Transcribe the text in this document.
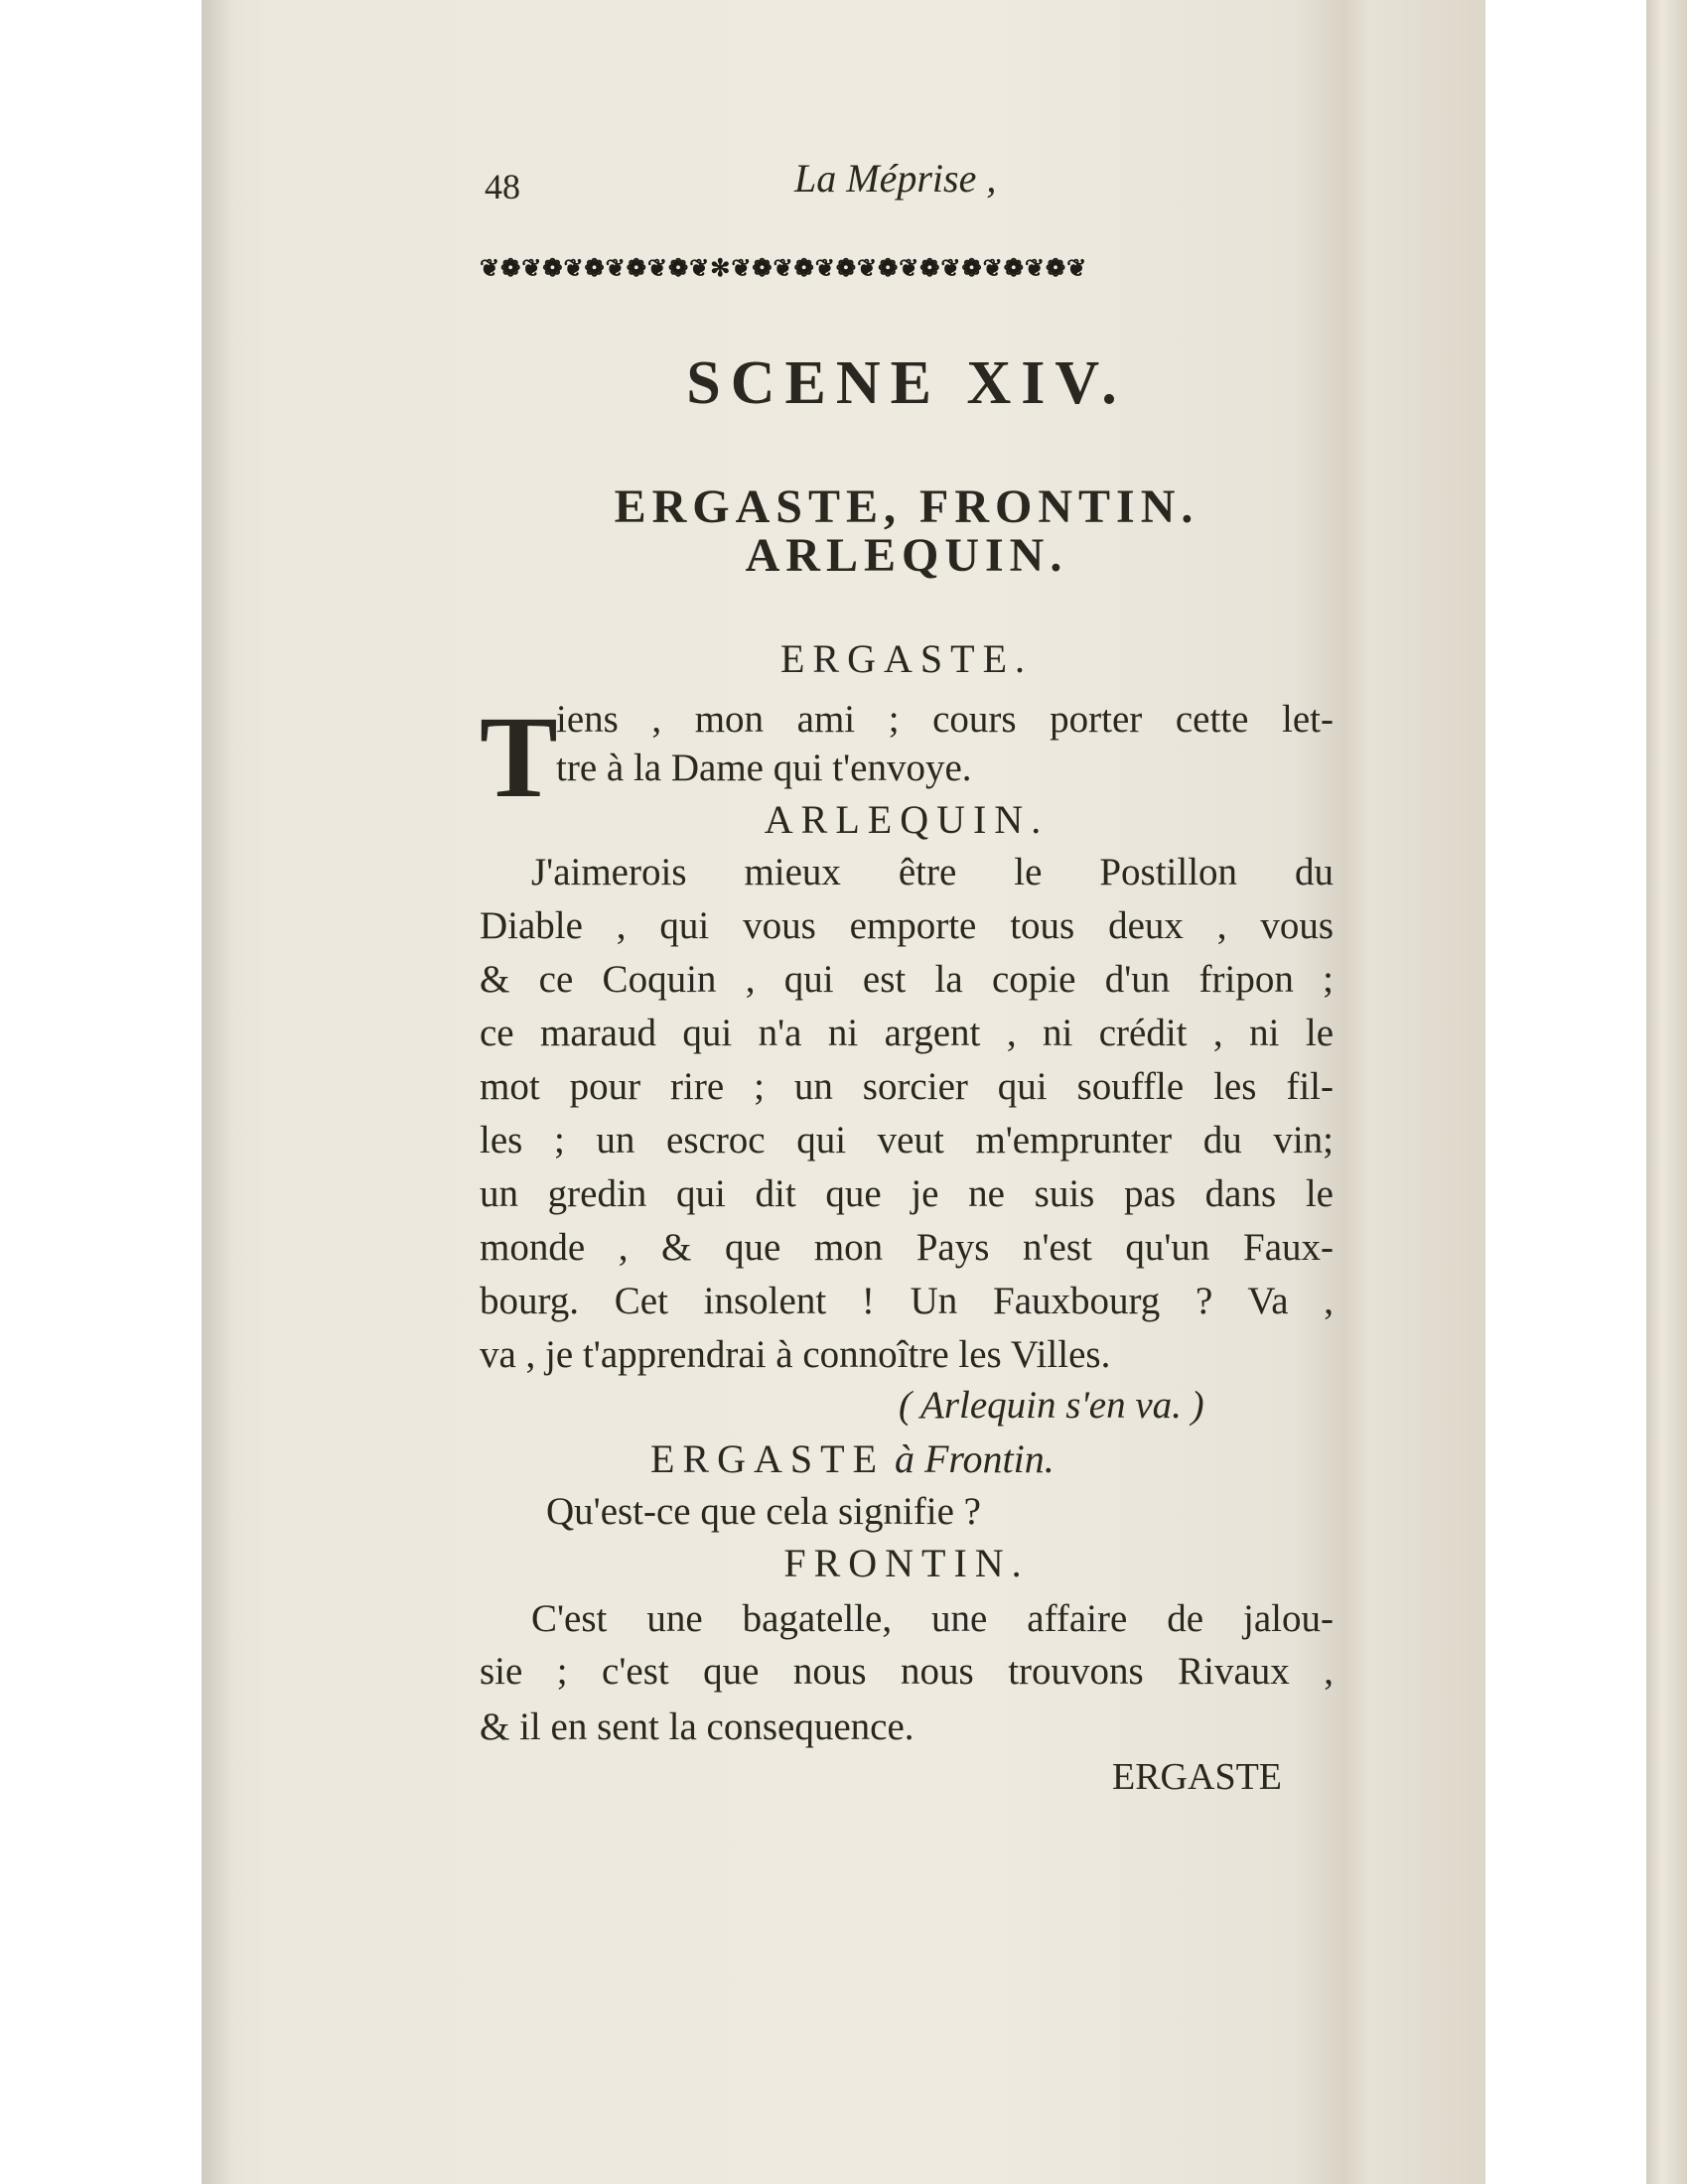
48	La Méprise ,
❦❁❦❁❦❁❦❁❦❁❦✻❦❁❦❁❦❁❦❁❦❁❦❁❦❁❦❁❦
SCENE XIV.
ERGASTE, FRONTIN.
ARLEQUIN.
ERGASTE.
T
iens , mon ami ; cours porter cette let-
tre à la Dame qui t'envoye.
ARLEQUIN.
J'aimerois mieux être le Postillon du
Diable , qui vous emporte tous deux , vous
& ce Coquin , qui est la copie d'un fripon ;
ce maraud qui n'a ni argent , ni crédit , ni le
mot pour rire ; un sorcier qui souffle les fil-
les ; un escroc qui veut m'emprunter du vin;
un gredin qui dit que je ne suis pas dans le
monde , & que mon Pays n'est qu'un Faux-
bourg. Cet insolent ! Un Fauxbourg ? Va ,
va , je t'apprendrai à connoître les Villes.
( Arlequin s'en va. )
ERGASTE à Frontin.
Qu'est-ce que cela signifie ?
FRONTIN.
C'est une bagatelle, une affaire de jalou-
sie ; c'est que nous nous trouvons Rivaux ,
& il en sent la consequence.
ERGASTE
